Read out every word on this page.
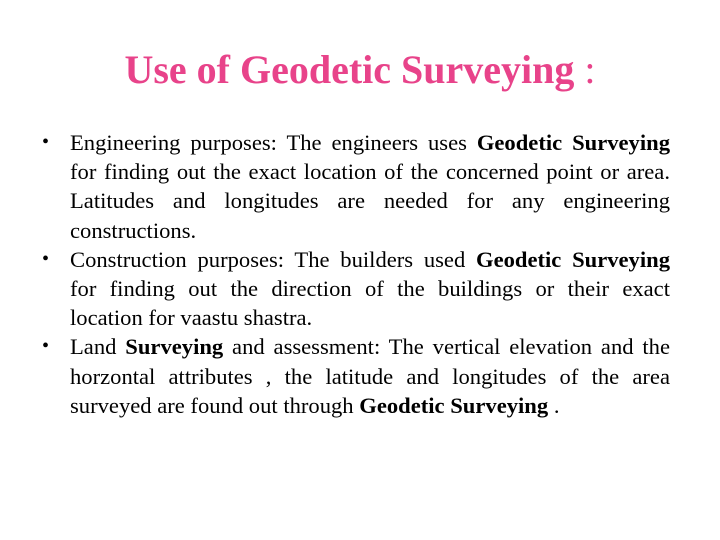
Use of Geodetic Surveying :
• Engineering purposes: The engineers uses Geodetic Surveying for finding out the exact location of the concerned point or area. Latitudes and longitudes are needed for any engineering constructions.
• Construction purposes: The builders used Geodetic Surveying for finding out the direction of the buildings or their exact location for vaastu shastra.
• Land Surveying and assessment: The vertical elevation and the horzontal attributes , the latitude and longitudes of the area surveyed are found out through Geodetic Surveying .
